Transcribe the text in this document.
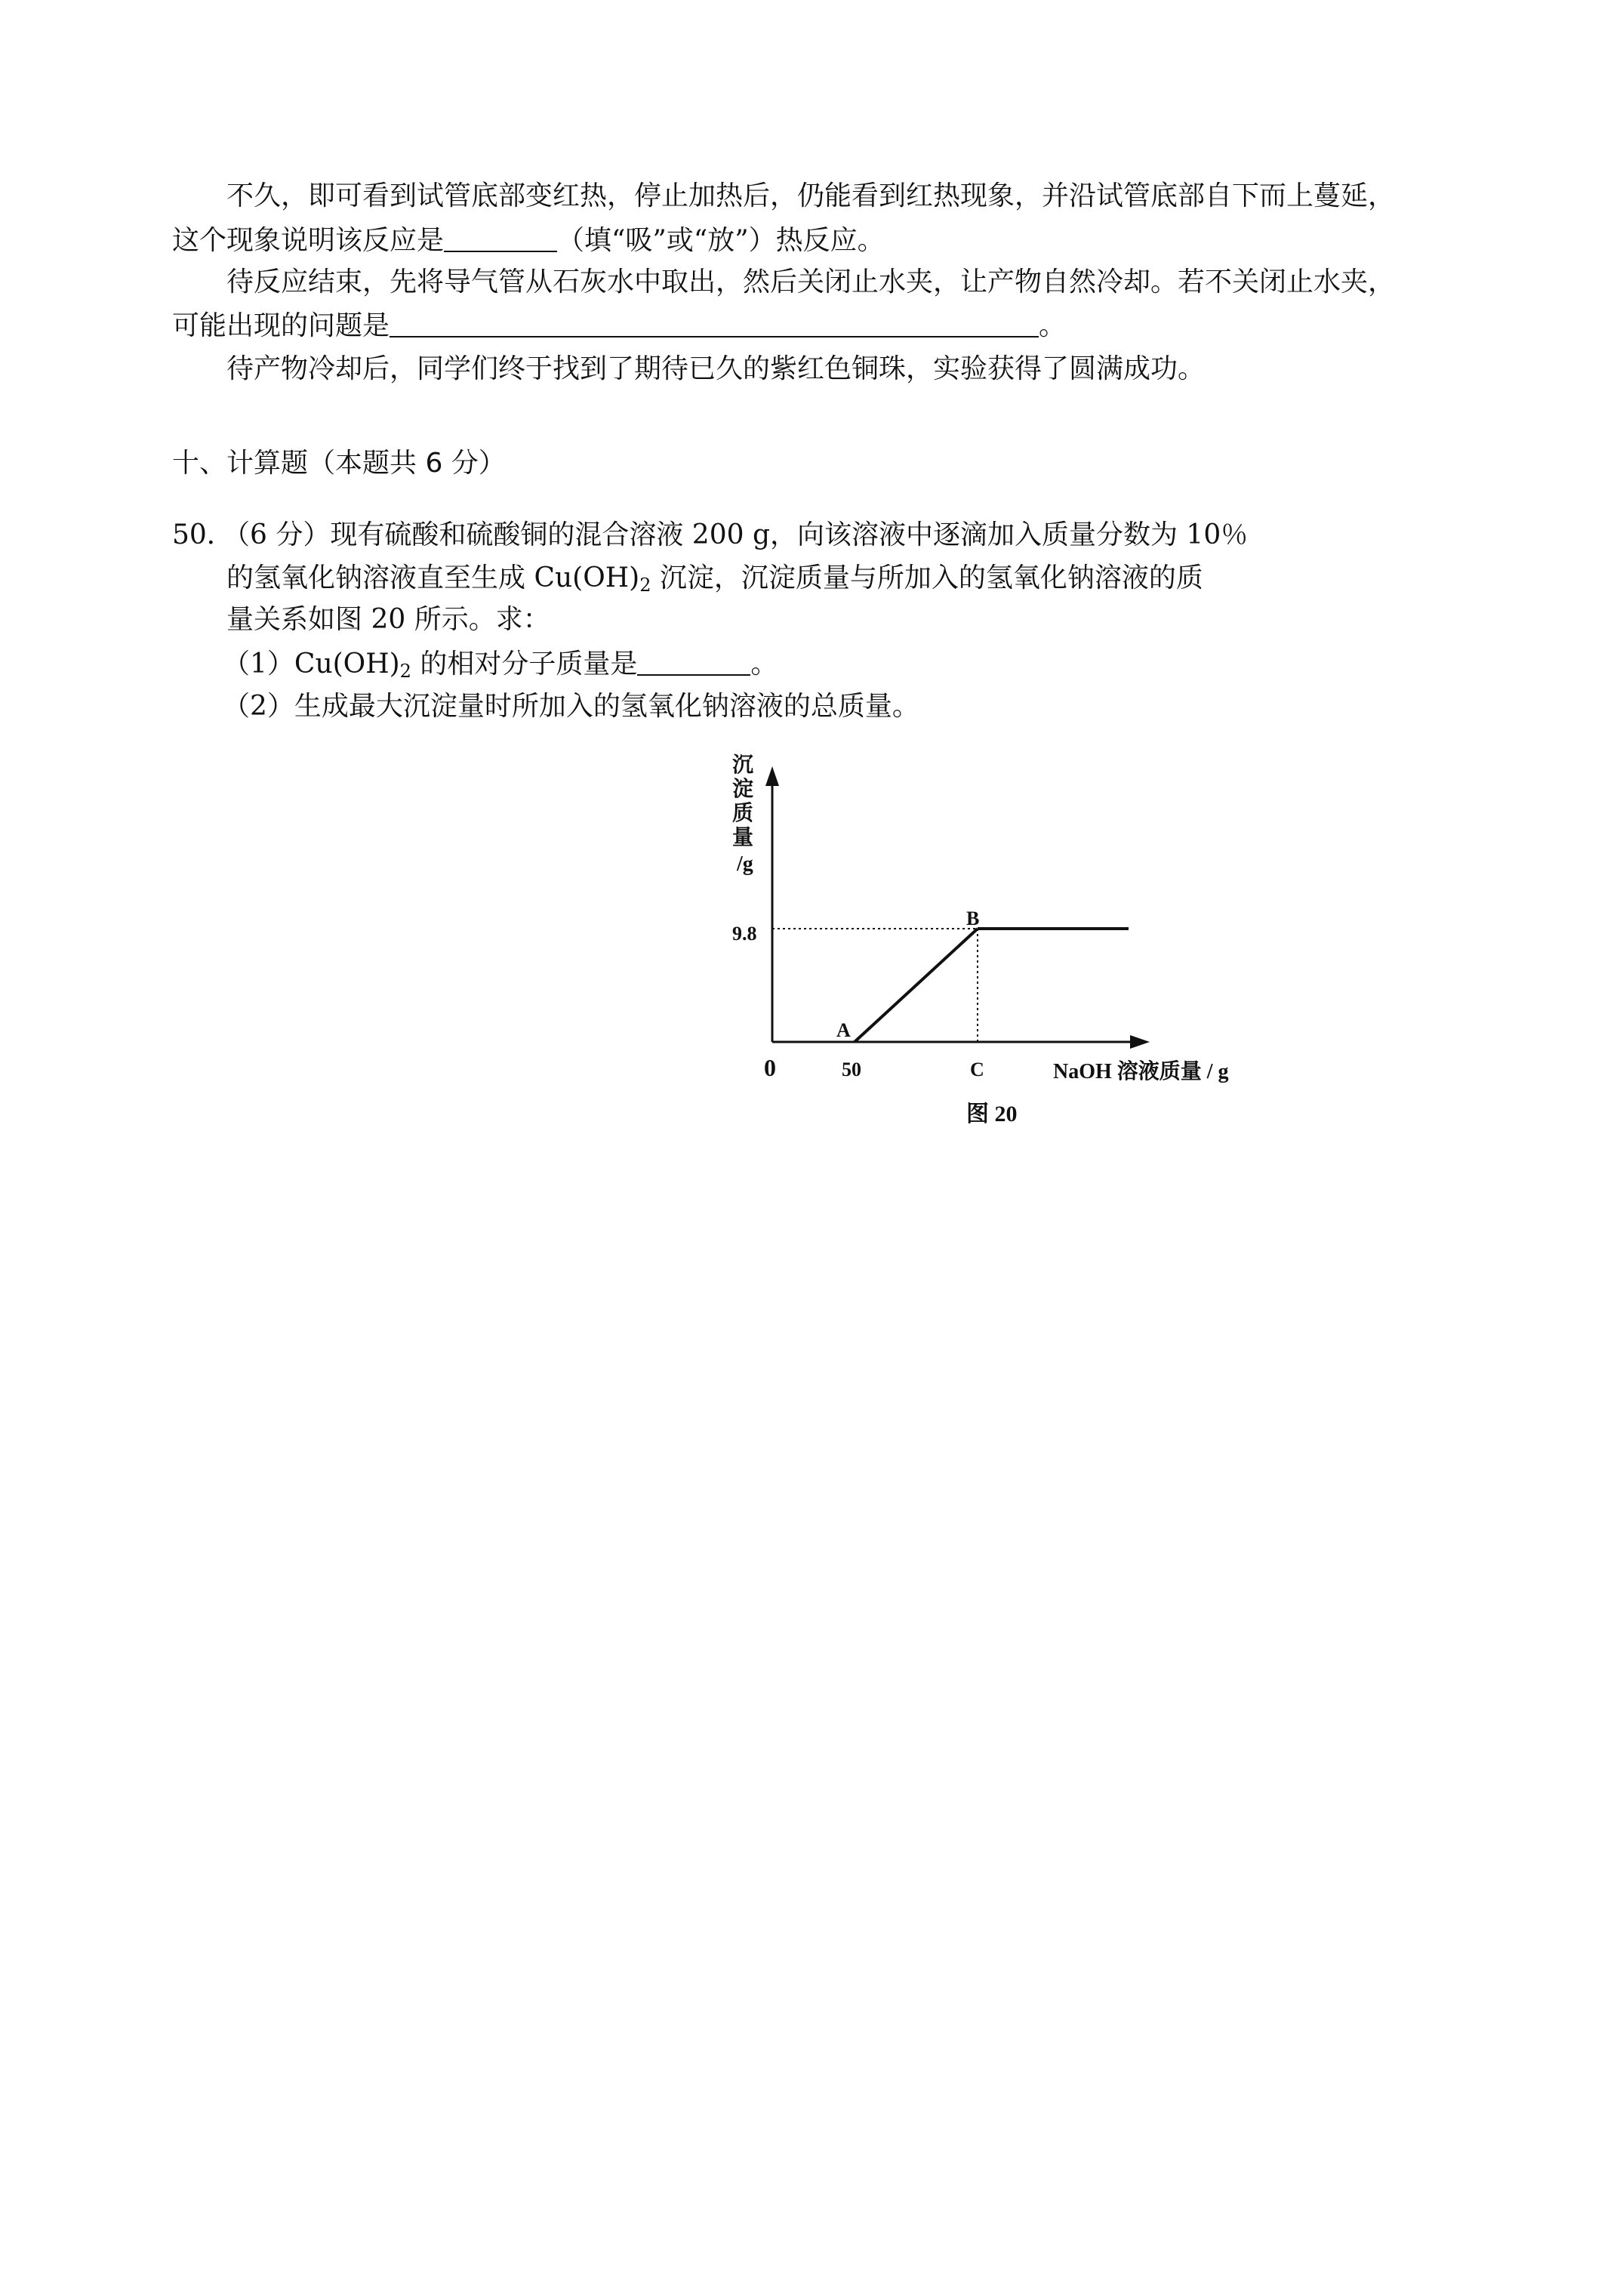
不久，即可看到试管底部变红热，停止加热后，仍能看到红热现象，并沿试管底部自下而上蔓延，
这个现象说明该反应是	（填“吸”或“放”）热反应。
待反应结束，先将导气管从石灰水中取出，然后关闭止水夹，让产物自然冷却。若不关闭止水夹，
可能出现的问题是	。
待产物冷却后，同学们终于找到了期待已久的紫红色铜珠，实验获得了圆满成功。
十、计算题（本题共 6 分）
50．
（6 分）现有硫酸和硫酸铜的混合溶液 200 g，向该溶液中逐滴加入质量分数为 10％
的氢氧化钠溶液直至生成 $Cu(OH)_2$ 沉淀，沉淀质量与所加入的氢氧化钠溶液的质
量关系如图 20 所示。求：
$(1)Cu(OH)_2$ 的相对分子质量是	。
（2）生成最大沉淀量时所加入的氢氧化钠溶液的总质量。
沉
淀
质
量
/g
0
9.8
50	C	NaOH 溶液质量 / g
A
B
图 20
